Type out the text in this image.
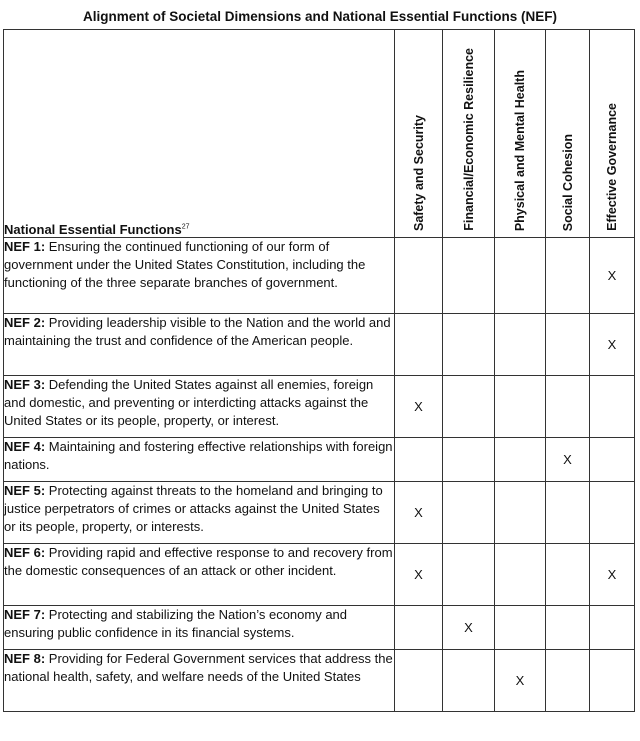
Alignment of Societal Dimensions and National Essential Functions (NEF)
National Essential Functions$^{27}$	Safety and Security	Financial/Economic Resilience	Physical and Mental Health	Social Cohesion	Effective Governance

NEF 1: Ensuring the continued functioning of our form of government under the United States Constitution, including the functioning of the three separate branches of government.					X
NEF 2: Providing leadership visible to the Nation and the world and maintaining the trust and confidence of the American people.					X
NEF 3: Defending the United States against all enemies, foreign and domestic, and preventing or interdicting attacks against the United States or its people, property, or interest.	X				
NEF 4: Maintaining and fostering effective relationships with foreign nations.				X	
NEF 5: Protecting against threats to the homeland and bringing to justice perpetrators of crimes or attacks against the United States or its people, property, or interests.	X				
NEF 6: Providing rapid and effective response to and recovery from the domestic consequences of an attack or other incident.	X				X
NEF 7: Protecting and stabilizing the Nation’s economy and ensuring public confidence in its financial systems.		X			
NEF 8: Providing for Federal Government services that address the national health, safety, and welfare needs of the United States			X		
